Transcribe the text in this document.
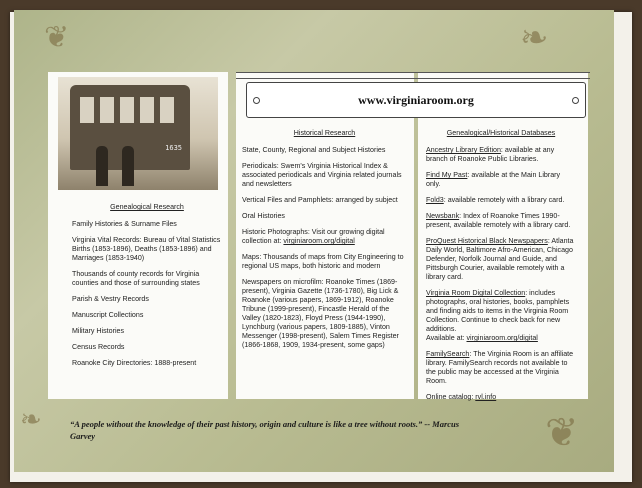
❦	❧
❦
❧
1635
www.virginiaroom.org
Genealogical Research
Family Histories & Surname Files
Virginia Vital Records: Bureau of Vital Statistics Births (1853-1896), Deaths (1853-1896) and Marriages (1853-1940)
Thousands of county records for Virginia counties and those of surrounding states
Parish & Vestry Records
Manuscript Collections
Military Histories
Census Records
Roanoke City Directories: 1888-present
Historical Research
State, County, Regional and Subject Histories
Periodicals: Swem's Virginia Historical Index & associated periodicals and Virginia related journals and newsletters
Vertical Files and Pamphlets: arranged by subject
Oral Histories
Historic Photographs: Visit our growing digital collection at: virginiaroom.org/digital
Maps: Thousands of maps from City Engineering to regional US maps, both historic and modern
Newspapers on microfilm: Roanoke Times (1869-present), Virginia Gazette (1736-1780), Big Lick & Roanoke (various papers, 1869-1912), Roanoke Tribune (1999-present), Fincastle Herald of the Valley (1820-1823), Floyd Press (1944-1990), Lynchburg (various papers, 1809-1885), Vinton Messenger (1998-present), Salem Times Register (1866-1868, 1909, 1934-present, some gaps)
Genealogical/Historical Databases
Ancestry Library Edition: available at any branch of Roanoke Public Libraries.
Find My Past: available at the Main Library only.
Fold3: available remotely with a library card.
Newsbank: Index of Roanoke Times 1990-present, available remotely with a library card.
ProQuest Historical Black Newspapers: Atlanta Daily World, Baltimore Afro-American, Chicago Defender, Norfolk Journal and Guide, and Pittsburgh Courier, available remotely with a library card.
Virginia Room Digital Collection: includes photographs, oral histories, books, pamphlets and finding aids to items in the Virginia Room Collection. Continue to check back for new additions.
Available at: virginiaroom.org/digital
FamilySearch: The Virginia Room is an affiliate library. FamilySearch records not available to the public may be accessed at the Virginia Room.
Online catalog: rvl.info
“A people without the knowledge of their past history, origin and culture is like a tree without roots.” -- Marcus Garvey
